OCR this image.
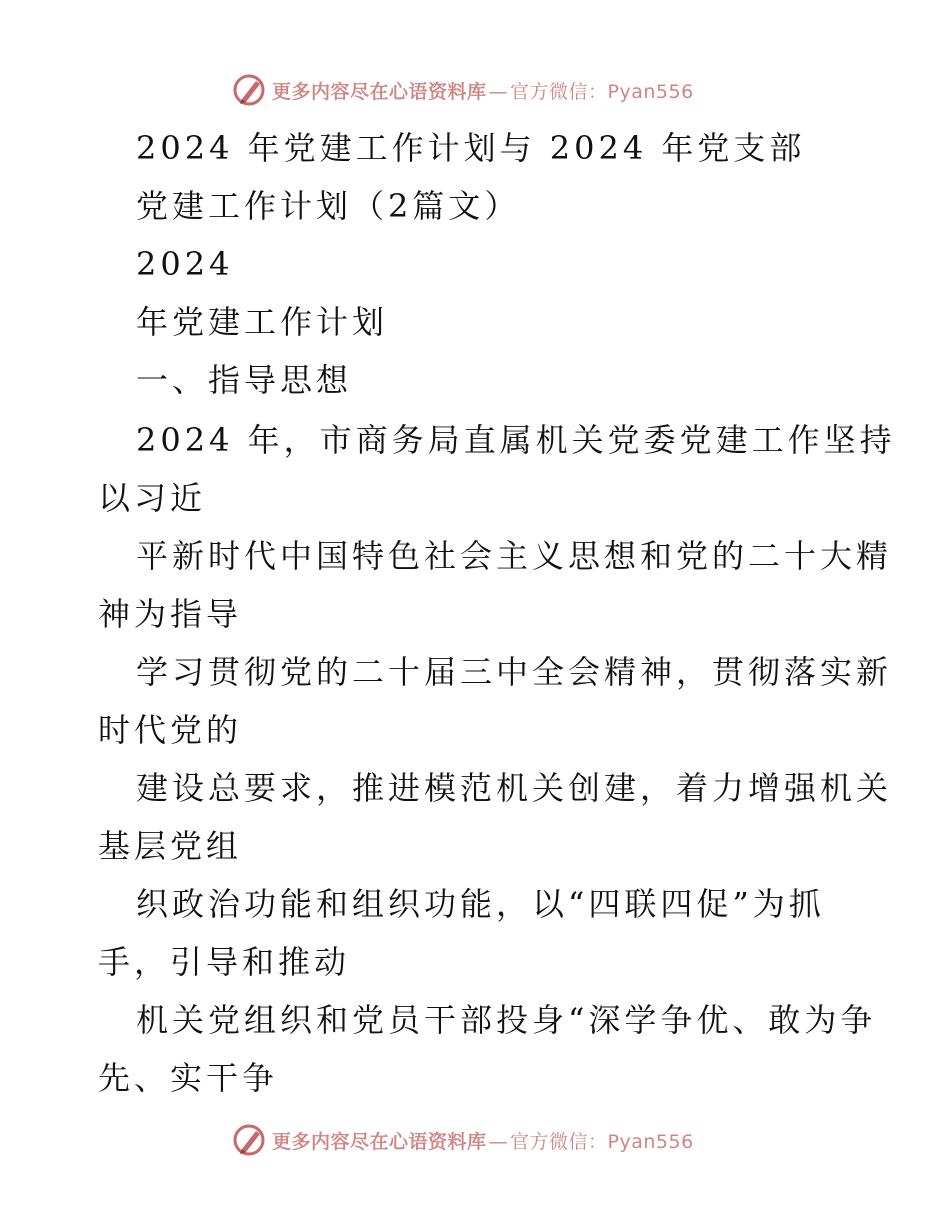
更多内容尽在心语资料库 — 官方微信：Pyan556
2024 年党建工作计划与 2024 年党支部
党建工作计划（2篇文）
2024
年党建工作计划
一、指导思想
2024 年，市商务局直属机关党委党建工作坚持
以习近
平新时代中国特色社会主义思想和党的二十大精
神为指导
学习贯彻党的二十届三中全会精神，贯彻落实新
时代党的
建设总要求，推进模范机关创建，着力增强机关
基层党组
织政治功能和组织功能，以“四联四促”为抓
手，引导和推动
机关党组织和党员干部投身“深学争优、敢为争
先、实干争
更多内容尽在心语资料库 — 官方微信：Pyan556
